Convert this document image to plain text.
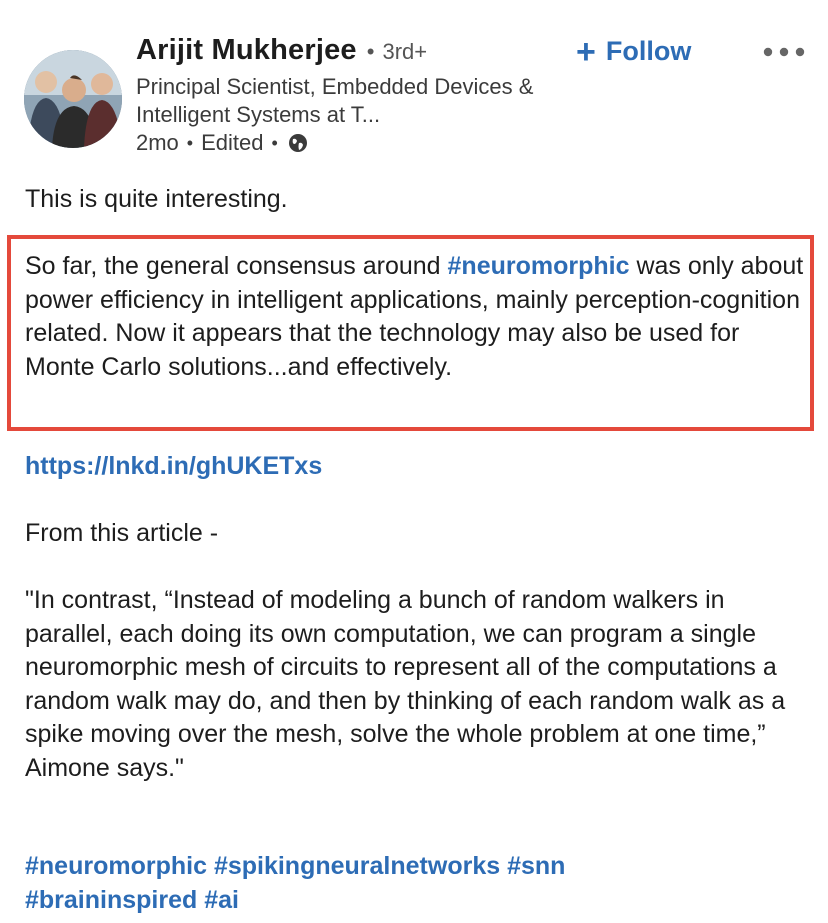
Arijit Mukherjee • 3rd+
Principal Scientist, Embedded Devices & Intelligent Systems at T...
2mo • Edited •
+ Follow
This is quite interesting.
So far, the general consensus around #neuromorphic was only about power efficiency in intelligent applications, mainly perception-cognition related. Now it appears that the technology may also be used for Monte Carlo solutions...and effectively.
https://lnkd.in/ghUKETxs
From this article -
"In contrast, “Instead of modeling a bunch of random walkers in parallel, each doing its own computation, we can program a single neuromorphic mesh of circuits to represent all of the computations a random walk may do, and then by thinking of each random walk as a spike moving over the mesh, solve the whole problem at one time,” Aimone says."
#neuromorphic #spikingneuralnetworks #snn
#braininspired #ai
